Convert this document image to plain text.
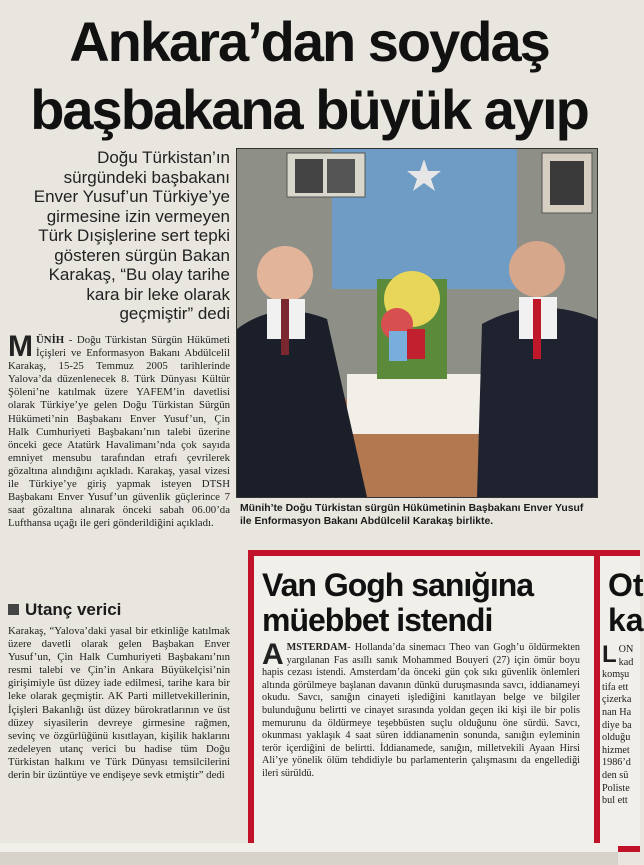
Ankara’dan soydaş
başbakana büyük ayıp
Doğu Türkistan’ın
sürgündeki başbakanı
Enver Yusuf’un Türkiye’ye
girmesine izin vermeyen
Türk Dışişlerine sert tepki
gösteren sürgün Bakan
Karakaş, “Bu olay tarihe
kara bir leke olarak
geçmiştir” dedi
MÜNİH - Doğu Türkistan Sürgün Hükümeti İçişleri ve Enformasyon Bakanı Abdülcelil Karakaş, 15-25 Temmuz 2005 tarihlerinde Yalova’da düzenlenecek 8. Türk Dünyası Kültür Şöleni’ne katılmak üzere YAFEM’in davetlisi olarak Türkiye’ye gelen Doğu Türkistan Sürgün Hükümeti’nin Başbakanı Enver Yusuf’un, Çin Halk Cumhuriyeti Başbakanı’nın talebi üzerine önceki gece Atatürk Havalimanı’nda çok sayıda emniyet mensubu tarafından etrafı çevrilerek gözaltına alındığını açıkladı. Karakaş, yasal vizesi ile Türkiye’ye giriş yapmak isteyen DTSH Başbakanı Enver Yusuf’un güvenlik güçlerince 7 saat gözaltına alınarak önceki sabah 06.00’da Lufthansa uçağı ile geri gönderildiğini açıkladı.
Utanç verici
Karakaş, “Yalova’daki yasal bir etkinliğe katılmak üzere davetli olarak gelen Başbakan Enver Yusuf’un, Çin Halk Cumhuriyeti Başbakanı’nın resmi talebi ve Çin’in Ankara Büyükelçisi’nin girişimiyle üst düzey iade edilmesi, tarihe kara bir leke olarak geçmiştir. AK Parti milletvekillerinin, İçişleri Bakanlığı üst düzey bürokratlarının ve üst düzey siyasilerin devreye girmesine rağmen, sevinç ve özgürlüğünü kısıtlayan, kişilik haklarını zedeleyen utanç verici bu hadise tüm Doğu Türkistan halkını ve Türk Dünyası temsilcilerini derin bir üzüntüye ve endişeye sevk etmiştir” dedi
Münih’te Doğu Türkistan sürgün Hükümetinin Başbakanı Enver Yusuf ile Enformasyon Bakanı Abdülcelil Karakaş birlikte.
Van Gogh sanığına
müebbet istendi
AMSTERDAM- Hollanda’da sinemacı Theo van Gogh’u öldürmekten yargılanan Fas asıllı sanık Mohammed Bouyeri (27) için ömür boyu hapis cezası istendi. Amsterdam’da önceki gün çok sıkı güvenlik önlemleri altında görülmeye başlanan davanın dünkü duruşmasında savcı, iddianameyi okudu. Savcı, sanığın cinayeti işlediğini kanıtlayan belge ve bilgiler bulunduğunu belirtti ve cinayet sırasında yoldan geçen iki kişi ile bir polis memurunu da öldürmeye teşebbüsten suçlu olduğunu öne sürdü. Savcı, okunması yaklaşık 4 saat süren iddianamenin sonunda, sanığın eyleminin terör içerdiğini de belirtti. İddianamede, sanığın, milletvekili Ayaan Hirsi Ali’ye yönelik ölüm tehdidiyle bu parlamenterin çalışmasını da engellediği ileri sürüldü.
Ot
ka
LON
kad
komşu
tifa ett
çizerka
nan Ha
diye ba
olduğu
hizmet
1986’d
den sü
Poliste
bul ett
